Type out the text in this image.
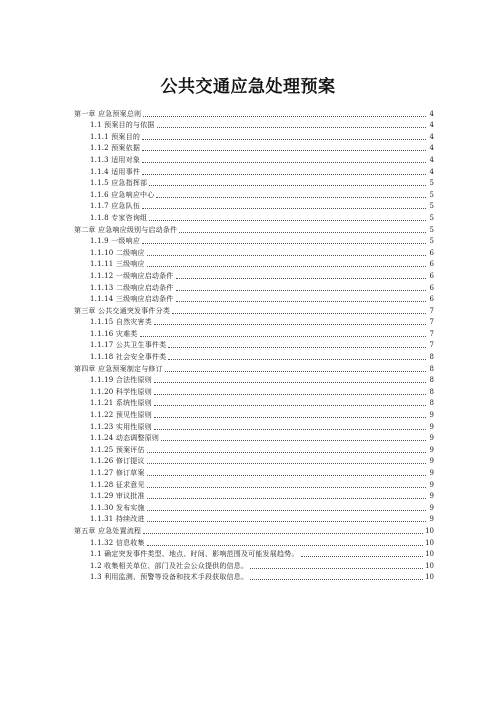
公共交通应急处理预案
第一章 应急预案总则	4
1.1 预案目的与依据	4
1.1.1 预案目的	4
1.1.2 预案依据	4
1.1.3 适用对象	4
1.1.4 适用事件	4
1.1.5 应急指挥部	5
1.1.6 应急响应中心	5
1.1.7 应急队伍	5
1.1.8 专家咨询组	5
第二章 应急响应级别与启动条件	5
1.1.9 一级响应	5
1.1.10 二级响应	6
1.1.11 三级响应	6
1.1.12 一级响应启动条件	6
1.1.13 二级响应启动条件	6
1.1.14 三级响应启动条件	6
第三章 公共交通突发事件分类	7
1.1.15 自然灾害类	7
1.1.16 灾难类	7
1.1.17 公共卫生事件类	7
1.1.18 社会安全事件类	8
第四章 应急预案制定与修订	8
1.1.19 合法性原则	8
1.1.20 科学性原则	8
1.1.21 系统性原则	8
1.1.22 预见性原则	9
1.1.23 实用性原则	9
1.1.24 动态调整原则	9
1.1.25 预案评估	9
1.1.26 修订提议	9
1.1.27 修订草案	9
1.1.28 征求意见	9
1.1.29 审议批准	9
1.1.30 发布实施	9
1.1.31 持续改进	9
第五章 应急处置流程	10
1.1.32 信息收集	10
1.1 确定突发事件类型、地点、时间、影响范围及可能发展趋势。	10
1.2 收集相关单位、部门及社会公众提供的信息。	10
1.3 利用监测、预警等设备和技术手段获取信息。	10
